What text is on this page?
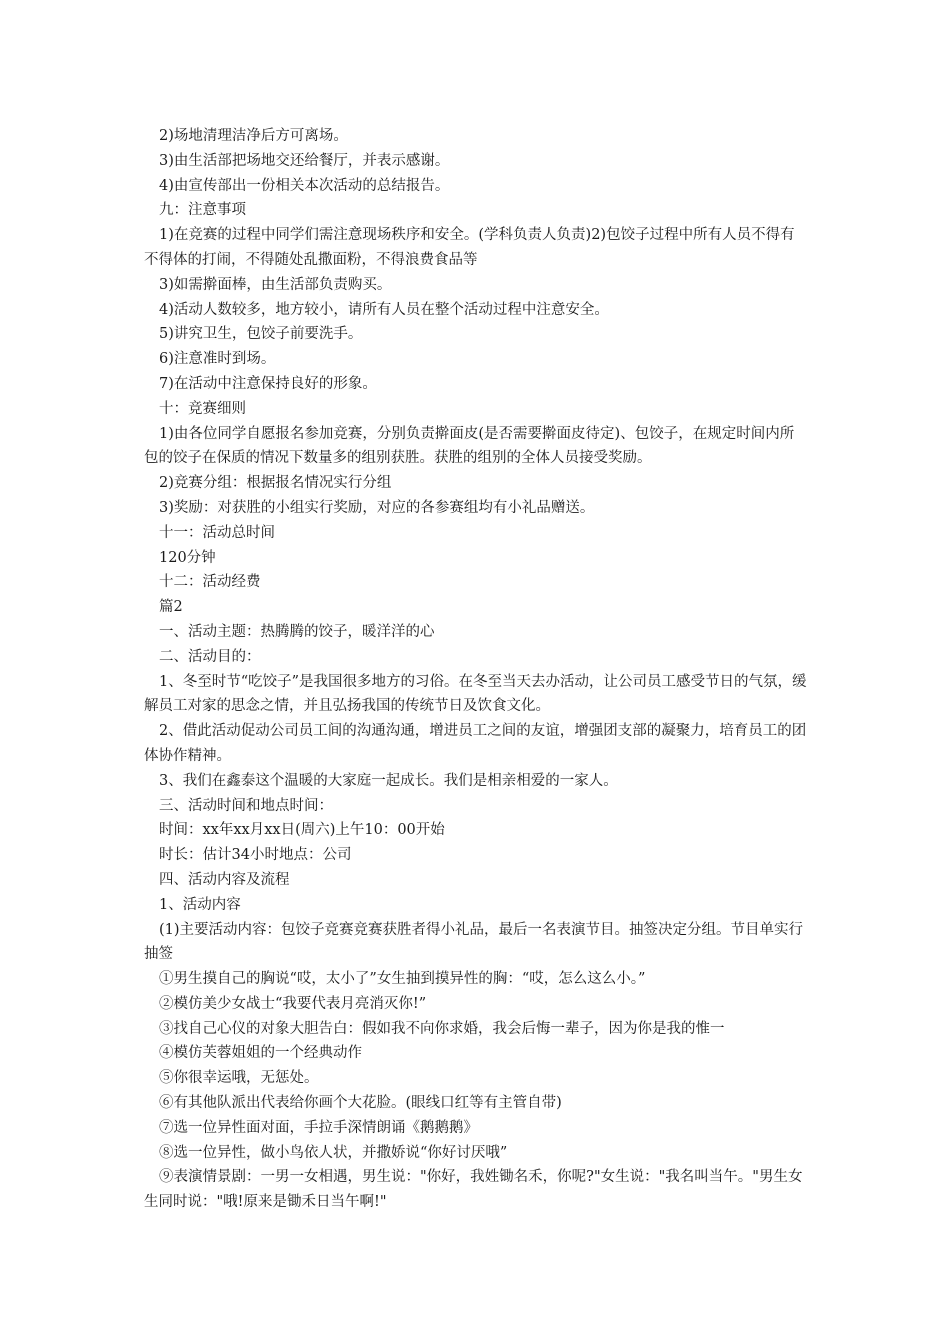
2)场地清理洁净后方可离场。

3)由生活部把场地交还给餐厅，并表示感谢。

4)由宣传部出一份相关本次活动的总结报告。

九：注意事项

1)在竞赛的过程中同学们需注意现场秩序和安全。(学科负责人负责)2)包饺子过程中所有人员不得有不得体的打闹，不得随处乱撒面粉，不得浪费食品等

3)如需擀面棒，由生活部负责购买。

4)活动人数较多，地方较小，请所有人员在整个活动过程中注意安全。

5)讲究卫生，包饺子前要洗手。

6)注意准时到场。

7)在活动中注意保持良好的形象。

十：竞赛细则

1)由各位同学自愿报名参加竞赛，分别负责擀面皮(是否需要擀面皮待定)、包饺子，在规定时间内所包的饺子在保质的情况下数量多的组别获胜。获胜的组别的全体人员接受奖励。

2)竞赛分组：根据报名情况实行分组

3)奖励：对获胜的小组实行奖励，对应的各参赛组均有小礼品赠送。

十一：活动总时间

120分钟

十二：活动经费

篇2

一、活动主题：热腾腾的饺子，暖洋洋的心

二、活动目的：

1、冬至时节“吃饺子”是我国很多地方的习俗。在冬至当天去办活动，让公司员工感受节日的气氛，缓解员工对家的思念之情，并且弘扬我国的传统节日及饮食文化。

2、借此活动促动公司员工间的沟通沟通，增进员工之间的友谊，增强团支部的凝聚力，培育员工的团体协作精神。

3、我们在鑫泰这个温暖的大家庭一起成长。我们是相亲相爱的一家人。

三、活动时间和地点时间：

时间：xx年xx月xx日(周六)上午10：00开始

时长：估计34小时地点：公司

四、活动内容及流程

1、活动内容

(1)主要活动内容：包饺子竞赛竞赛获胜者得小礼品，最后一名表演节目。抽签决定分组。节目单实行抽签

①男生摸自己的胸说“哎，太小了”女生抽到摸异性的胸：“哎，怎么这么小。”

②模仿美少女战士“我要代表月亮消灭你!”

③找自己心仪的对象大胆告白：假如我不向你求婚，我会后悔一辈子，因为你是我的惟一

④模仿芙蓉姐姐的一个经典动作

⑤你很幸运哦，无惩处。

⑥有其他队派出代表给你画个大花脸。(眼线口红等有主管自带)

⑦选一位异性面对面，手拉手深情朗诵《鹅鹅鹅》

⑧选一位异性，做小鸟依人状，并撒娇说“你好讨厌哦”

⑨表演情景剧：一男一女相遇，男生说："你好，我姓锄名禾，你呢?"女生说："我名叫当午。"男生女生同时说："哦!原来是锄禾日当午啊!"
